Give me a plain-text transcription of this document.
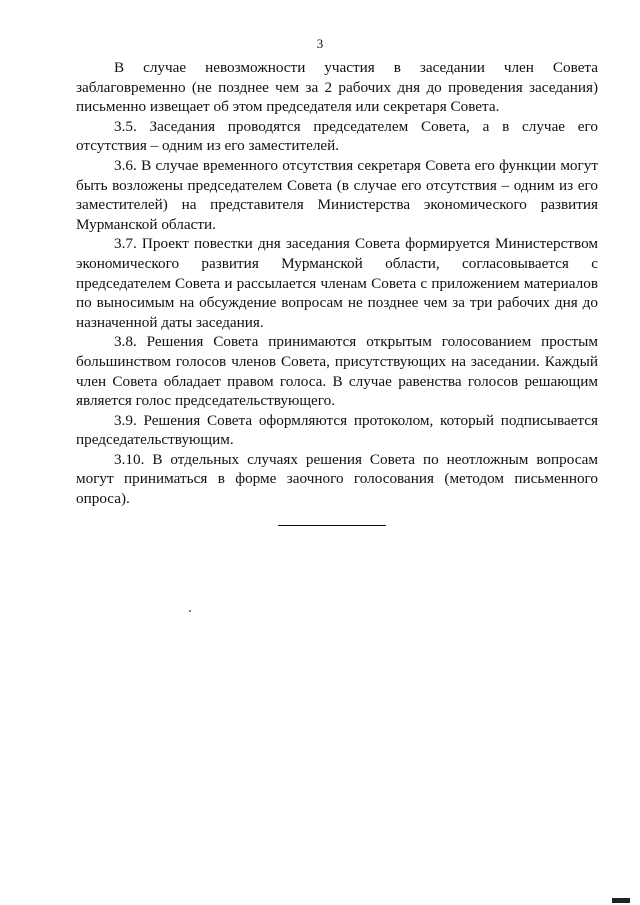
3

В случае невозможности участия в заседании член Совета заблаговременно (не позднее чем за 2 рабочих дня до проведения заседания) письменно извещает об этом председателя или секретаря Совета.

3.5. Заседания проводятся председателем Совета, а в случае его отсутствия – одним из его заместителей.

3.6. В случае временного отсутствия секретаря Совета его функции могут быть возложены председателем Совета (в случае его отсутствия – одним из его заместителей) на представителя Министерства экономического развития Мурманской области.

3.7. Проект повестки дня заседания Совета формируется Министерством экономического развития Мурманской области, согласовывается с председателем Совета и рассылается членам Совета с приложением материалов по выносимым на обсуждение вопросам не позднее чем за три рабочих дня до назначенной даты заседания.

3.8. Решения Совета принимаются открытым голосованием простым большинством голосов членов Совета, присутствующих на заседании. Каждый член Совета обладает правом голоса. В случае равенства голосов решающим является голос председательствующего.

3.9. Решения Совета оформляются протоколом, который подписывается председательствующим.

3.10. В отдельных случаях решения Совета по неотложным вопросам могут приниматься в форме заочного голосования (методом письменного опроса).
